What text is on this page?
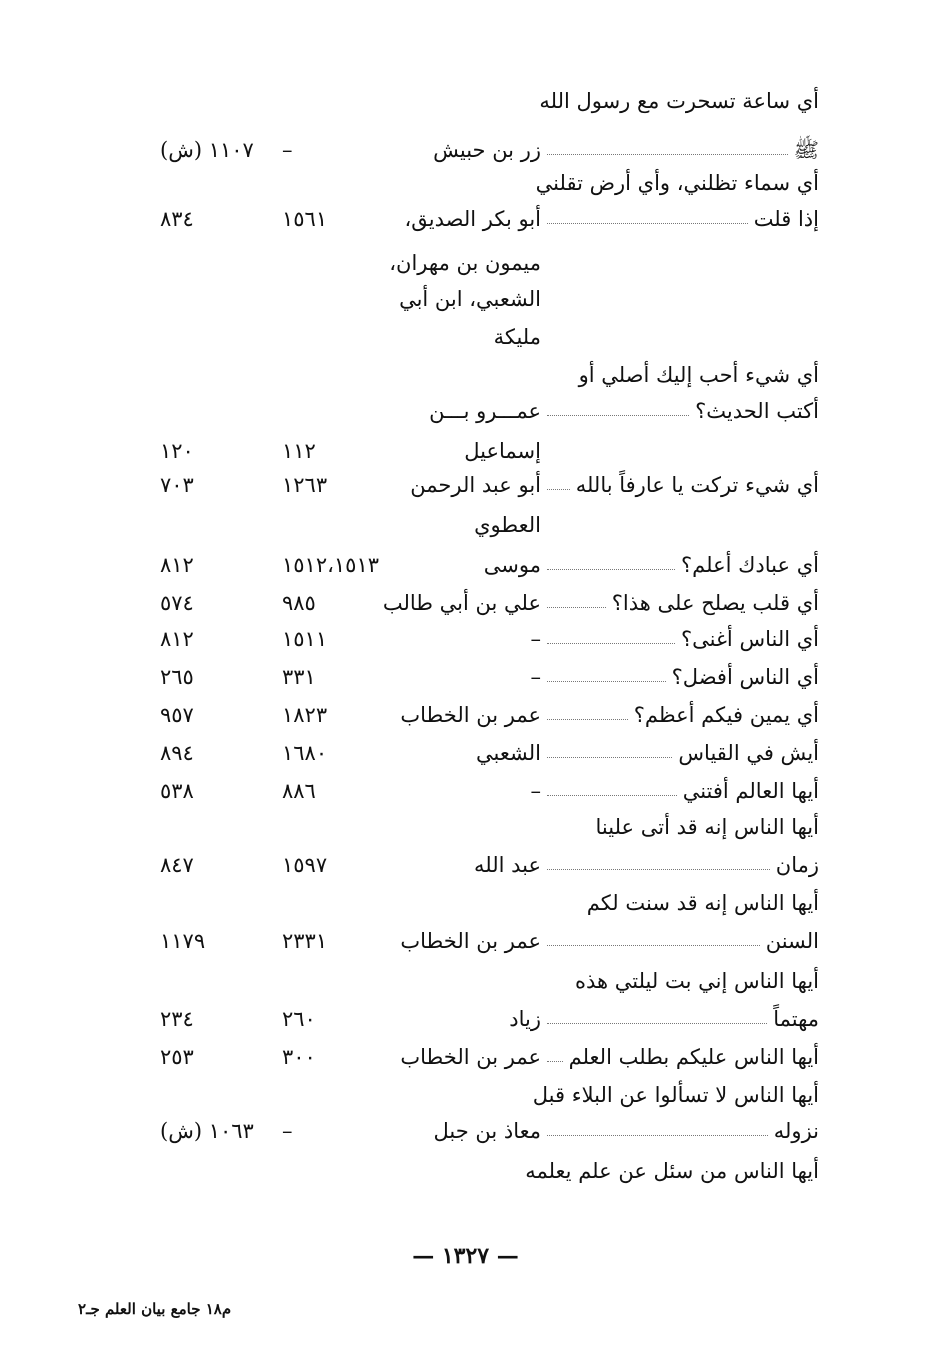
أي ساعة تسحرت مع رسول الله
ﷺ
زر بن حبيش
–
١١٠٧ (ش)
أي سماء تظلني، وأي أرض تقلني
إذا قلت
أبو بكر الصديق،
١٥٦١
٨٣٤
ميمون بن مهران،
الشعبي، ابن أبي
مليكة
أي شيء أحب إليك أصلي أو
أكتب الحديث؟
عمـــرو بـــن
إسماعيل
١١٢
١٢٠
أي شيء تركت يا عارفاً بالله
أبو عبد الرحمن
١٢٦٣
٧٠٣
العطوي
أي عبادك أعلم؟
موسى
١٥١٢،١٥١٣
٨١٢
أي قلب يصلح على هذا؟
علي بن أبي طالب
٩٨٥
٥٧٤
أي الناس أغنى؟
–
١٥١١
٨١٢
أي الناس أفضل؟
–
٣٣١
٢٦٥
أي يمين فيكم أعظم؟
عمر بن الخطاب
١٨٢٣
٩٥٧
أيش في القياس
الشعبي
١٦٨٠
٨٩٤
أيها العالم أفتني
–
٨٨٦
٥٣٨
أيها الناس إنه قد أتى علينا
زمان
عبد الله
١٥٩٧
٨٤٧
أيها الناس إنه قد سنت لكم
السنن
عمر بن الخطاب
٢٣٣١
١١٧٩
أيها الناس إني بت ليلتي هذه
مهتماً
زياد
٢٦٠
٢٣٤
أيها الناس عليكم بطلب العلم
عمر بن الخطاب
٣٠٠
٢٥٣
أيها الناس لا تسألوا عن البلاء قبل
نزوله
معاذ بن جبل
–
١٠٦٣ (ش)
أيها الناس من سئل عن علم يعلمه
— ١٣٢٧ —
م١٨ جامع بيان العلم جـ٢
